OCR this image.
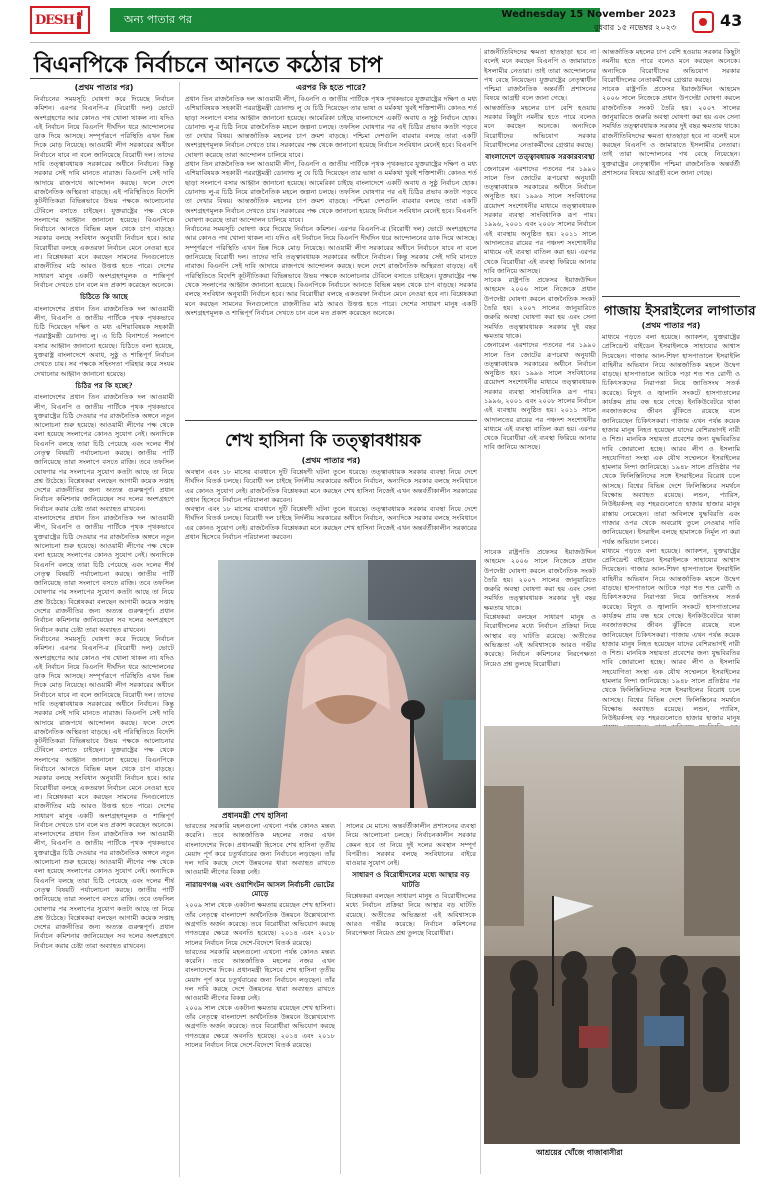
DESH	অন্য পাতার পর	Wednesday 15 November 2023
বুধবার ১৫ নভেম্বর ২০২৩	43
বিএনপিকে নির্বাচনে আনতে কঠোর চাপ
(প্রথম পাতার পর)

নির্বাচনের সময়সূচি ঘোষণা করে দিয়েছে নির্বাচন কমিশন। এরপর বিএনপি-র (বিরোধী দল) ভোটে অংশগ্রহণের আর কোনও পথ খোলা থাকল না। যদিও এই নির্বাচন নিয়ে বিএনপি দীর্ঘদিন ধরে আন্দোলনের ডাক দিয়ে আসছে। সম্পূর্ণরূপে পরিস্থিতি এখন ভিন্ন দিকে মোড় নিয়েছে। আওয়ামী লীগ সরকারের অধীনে নির্বাচনে যাবে না বলে জানিয়েছে বিরোধী দল। তাদের দাবি তত্ত্বাবধায়ক সরকারের অধীনে নির্বাচন। কিন্তু সরকার সেই দাবি মানতে নারাজ। বিএনপি সেই দাবি আদায়ে রাজপথে আন্দোলন করছে। ফলে দেশে রাজনৈতিক অস্থিরতা বাড়ছে। এই পরিস্থিতিতে বিদেশি কূটনীতিকরা বিভিন্নভাবে উভয় পক্ষকে আলোচনার টেবিলে বসাতে চাইছেন। যুক্তরাষ্ট্রের পক্ষ থেকে সংলাপের আহ্বান জানানো হয়েছে। বিএনপিকে নির্বাচনে আনতে বিভিন্ন মহল থেকে চাপ বাড়ছে। সরকার বলছে সংবিধান অনুযায়ী নির্বাচন হবে। আর বিরোধীরা বলছে একতরফা নির্বাচন মেনে নেওয়া হবে না। বিশ্লেষকরা মনে করছেন সামনের দিনগুলোতে রাজনীতির মাঠ আরও উত্তপ্ত হতে পারে। দেশের সাধারণ মানুষ একটি অংশগ্রহণমূলক ও শান্তিপূর্ণ নির্বাচন দেখতে চান বলে মত প্রকাশ করেছেন অনেকে।

চিঠিতে কি আছে

বাংলাদেশের প্রধান তিন রাজনৈতিক দল আওয়ামী লীগ, বিএনপি ও জাতীয় পার্টিকে পৃথক পৃথকভাবে চিঠি দিয়েছেন দক্ষিণ ও মধ্য এশিয়াবিষয়ক সহকারী পররাষ্ট্রমন্ত্রী ডোনাল্ড লু। এ চিঠি বিনাশর্তে সংলাপে বসার আহ্বান জানানো হয়েছে। চিঠিতে বলা হয়েছে, যুক্তরাষ্ট্র বাংলাদেশে অবাধ, সুষ্ঠু ও শান্তিপূর্ণ নির্বাচন দেখতে চায়। সব পক্ষকে সহিংসতা পরিহার করে সংযম দেখানোর আহ্বান জানানো হয়েছে।

চিঠির পর কি হচ্ছে?

বাংলাদেশের প্রধান তিন রাজনৈতিক দল আওয়ামী লীগ, বিএনপি ও জাতীয় পার্টিকে পৃথক পৃথকভাবে যুক্তরাষ্ট্রের চিঠি দেওয়ার পর রাজনৈতিক অঙ্গনে নতুন আলোচনা শুরু হয়েছে। আওয়ামী লীগের পক্ষ থেকে বলা হয়েছে সংলাপের কোনও সুযোগ নেই। অন্যদিকে বিএনপি বলছে তারা চিঠি পেয়েছে এবং দলের শীর্ষ নেতৃত্ব বিষয়টি পর্যালোচনা করছে। জাতীয় পার্টি জানিয়েছে তারা সংলাপে বসতে রাজি। তবে তফসিল ঘোষণার পর সংলাপের সুযোগ কতটা আছে তা নিয়ে প্রশ্ন উঠেছে। বিশ্লেষকরা বলছেন আগামী কয়েক সপ্তাহ দেশের রাজনীতির জন্য অত্যন্ত গুরুত্বপূর্ণ। প্রধান নির্বাচন কমিশনার জানিয়েছেন সব দলের অংশগ্রহণে নির্বাচন করার চেষ্টা তারা অব্যাহত রাখবেন।

বাংলাদেশের প্রধান তিন রাজনৈতিক দল আওয়ামী লীগ, বিএনপি ও জাতীয় পার্টিকে পৃথক পৃথকভাবে যুক্তরাষ্ট্রের চিঠি দেওয়ার পর রাজনৈতিক অঙ্গনে নতুন আলোচনা শুরু হয়েছে। আওয়ামী লীগের পক্ষ থেকে বলা হয়েছে সংলাপের কোনও সুযোগ নেই। অন্যদিকে বিএনপি বলছে তারা চিঠি পেয়েছে এবং দলের শীর্ষ নেতৃত্ব বিষয়টি পর্যালোচনা করছে। জাতীয় পার্টি জানিয়েছে তারা সংলাপে বসতে রাজি। তবে তফসিল ঘোষণার পর সংলাপের সুযোগ কতটা আছে তা নিয়ে প্রশ্ন উঠেছে। বিশ্লেষকরা বলছেন আগামী কয়েক সপ্তাহ দেশের রাজনীতির জন্য অত্যন্ত গুরুত্বপূর্ণ। প্রধান নির্বাচন কমিশনার জানিয়েছেন সব দলের অংশগ্রহণে নির্বাচন করার চেষ্টা তারা অব্যাহত রাখবেন।

নির্বাচনের সময়সূচি ঘোষণা করে দিয়েছে নির্বাচন কমিশন। এরপর বিএনপি-র (বিরোধী দল) ভোটে অংশগ্রহণের আর কোনও পথ খোলা থাকল না। যদিও এই নির্বাচন নিয়ে বিএনপি দীর্ঘদিন ধরে আন্দোলনের ডাক দিয়ে আসছে। সম্পূর্ণরূপে পরিস্থিতি এখন ভিন্ন দিকে মোড় নিয়েছে। আওয়ামী লীগ সরকারের অধীনে নির্বাচনে যাবে না বলে জানিয়েছে বিরোধী দল। তাদের দাবি তত্ত্বাবধায়ক সরকারের অধীনে নির্বাচন। কিন্তু সরকার সেই দাবি মানতে নারাজ। বিএনপি সেই দাবি আদায়ে রাজপথে আন্দোলন করছে। ফলে দেশে রাজনৈতিক অস্থিরতা বাড়ছে। এই পরিস্থিতিতে বিদেশি কূটনীতিকরা বিভিন্নভাবে উভয় পক্ষকে আলোচনার টেবিলে বসাতে চাইছেন। যুক্তরাষ্ট্রের পক্ষ থেকে সংলাপের আহ্বান জানানো হয়েছে। বিএনপিকে নির্বাচনে আনতে বিভিন্ন মহল থেকে চাপ বাড়ছে। সরকার বলছে সংবিধান অনুযায়ী নির্বাচন হবে। আর বিরোধীরা বলছে একতরফা নির্বাচন মেনে নেওয়া হবে না। বিশ্লেষকরা মনে করছেন সামনের দিনগুলোতে রাজনীতির মাঠ আরও উত্তপ্ত হতে পারে। দেশের সাধারণ মানুষ একটি অংশগ্রহণমূলক ও শান্তিপূর্ণ নির্বাচন দেখতে চান বলে মত প্রকাশ করেছেন অনেকে।

বাংলাদেশের প্রধান তিন রাজনৈতিক দল আওয়ামী লীগ, বিএনপি ও জাতীয় পার্টিকে পৃথক পৃথকভাবে যুক্তরাষ্ট্রের চিঠি দেওয়ার পর রাজনৈতিক অঙ্গনে নতুন আলোচনা শুরু হয়েছে। আওয়ামী লীগের পক্ষ থেকে বলা হয়েছে সংলাপের কোনও সুযোগ নেই। অন্যদিকে বিএনপি বলছে তারা চিঠি পেয়েছে এবং দলের শীর্ষ নেতৃত্ব বিষয়টি পর্যালোচনা করছে। জাতীয় পার্টি জানিয়েছে তারা সংলাপে বসতে রাজি। তবে তফসিল ঘোষণার পর সংলাপের সুযোগ কতটা আছে তা নিয়ে প্রশ্ন উঠেছে। বিশ্লেষকরা বলছেন আগামী কয়েক সপ্তাহ দেশের রাজনীতির জন্য অত্যন্ত গুরুত্বপূর্ণ। প্রধান নির্বাচন কমিশনার জানিয়েছেন সব দলের অংশগ্রহণে নির্বাচন করার চেষ্টা তারা অব্যাহত রাখবেন।

এরপর কি হতে পারে?

প্রধান তিন রাজনৈতিক দল আওয়ামী লীগ, বিএনপি ও জাতীয় পার্টিকে পৃথক পৃথকভাবে যুক্তরাষ্ট্রের দক্ষিণ ও মধ্য এশিয়াবিষয়ক সহকারী পররাষ্ট্রমন্ত্রী ডোনাল্ড লু যে চিঠি দিয়েছেন তার ভাষা ও মর্মকথা খুবই শক্তিশালী। কোনও শর্ত ছাড়া সংলাপে বসার আহ্বান জানানো হয়েছে। আমেরিকা চাইছে বাংলাদেশে একটি অবাধ ও সুষ্ঠু নির্বাচন হোক। ডোনাল্ড লু-র চিঠি নিয়ে রাজনৈতিক মহলে জল্পনা চলছে। তফসিল ঘোষণার পর এই চিঠির প্রভাব কতটা পড়বে তা দেখার বিষয়। আন্তর্জাতিক মহলের চাপ ক্রমশ বাড়ছে। পশ্চিমা দেশগুলি বারবার বলছে তারা একটি অংশগ্রহণমূলক নির্বাচন দেখতে চায়। সরকারের পক্ষ থেকে জানানো হয়েছে নির্বাচন সংবিধান মেনেই হবে। বিএনপি ঘোষণা করেছে তারা আন্দোলন চালিয়ে যাবে।

প্রধান তিন রাজনৈতিক দল আওয়ামী লীগ, বিএনপি ও জাতীয় পার্টিকে পৃথক পৃথকভাবে যুক্তরাষ্ট্রের দক্ষিণ ও মধ্য এশিয়াবিষয়ক সহকারী পররাষ্ট্রমন্ত্রী ডোনাল্ড লু যে চিঠি দিয়েছেন তার ভাষা ও মর্মকথা খুবই শক্তিশালী। কোনও শর্ত ছাড়া সংলাপে বসার আহ্বান জানানো হয়েছে। আমেরিকা চাইছে বাংলাদেশে একটি অবাধ ও সুষ্ঠু নির্বাচন হোক। ডোনাল্ড লু-র চিঠি নিয়ে রাজনৈতিক মহলে জল্পনা চলছে। তফসিল ঘোষণার পর এই চিঠির প্রভাব কতটা পড়বে তা দেখার বিষয়। আন্তর্জাতিক মহলের চাপ ক্রমশ বাড়ছে। পশ্চিমা দেশগুলি বারবার বলছে তারা একটি অংশগ্রহণমূলক নির্বাচন দেখতে চায়। সরকারের পক্ষ থেকে জানানো হয়েছে নির্বাচন সংবিধান মেনেই হবে। বিএনপি ঘোষণা করেছে তারা আন্দোলন চালিয়ে যাবে।

নির্বাচনের সময়সূচি ঘোষণা করে দিয়েছে নির্বাচন কমিশন। এরপর বিএনপি-র (বিরোধী দল) ভোটে অংশগ্রহণের আর কোনও পথ খোলা থাকল না। যদিও এই নির্বাচন নিয়ে বিএনপি দীর্ঘদিন ধরে আন্দোলনের ডাক দিয়ে আসছে। সম্পূর্ণরূপে পরিস্থিতি এখন ভিন্ন দিকে মোড় নিয়েছে। আওয়ামী লীগ সরকারের অধীনে নির্বাচনে যাবে না বলে জানিয়েছে বিরোধী দল। তাদের দাবি তত্ত্বাবধায়ক সরকারের অধীনে নির্বাচন। কিন্তু সরকার সেই দাবি মানতে নারাজ। বিএনপি সেই দাবি আদায়ে রাজপথে আন্দোলন করছে। ফলে দেশে রাজনৈতিক অস্থিরতা বাড়ছে। এই পরিস্থিতিতে বিদেশি কূটনীতিকরা বিভিন্নভাবে উভয় পক্ষকে আলোচনার টেবিলে বসাতে চাইছেন। যুক্তরাষ্ট্রের পক্ষ থেকে সংলাপের আহ্বান জানানো হয়েছে। বিএনপিকে নির্বাচনে আনতে বিভিন্ন মহল থেকে চাপ বাড়ছে। সরকার বলছে সংবিধান অনুযায়ী নির্বাচন হবে। আর বিরোধীরা বলছে একতরফা নির্বাচন মেনে নেওয়া হবে না। বিশ্লেষকরা মনে করছেন সামনের দিনগুলোতে রাজনীতির মাঠ আরও উত্তপ্ত হতে পারে। দেশের সাধারণ মানুষ একটি অংশগ্রহণমূলক ও শান্তিপূর্ণ নির্বাচন দেখতে চান বলে মত প্রকাশ করেছেন অনেকে।

শেখ হাসিনা কি তত্ত্বাবধায়ক
(প্রথম পাতার পর)

অবস্থান এবং ১৮ মাসের ব্যবধানে দুটি বিশ্লেষণী ঘটনা তুলে ধরেছে। তত্ত্বাবধায়ক সরকার ব্যবস্থা নিয়ে দেশে দীর্ঘদিন বিতর্ক চলছে। বিরোধী দল চাইছে নির্দলীয় সরকারের অধীনে নির্বাচন, অন্যদিকে সরকার বলছে সংবিধানে এর কোনও সুযোগ নেই। রাজনৈতিক বিশ্লেষকরা মনে করছেন শেখ হাসিনা নিজেই এখন অন্তর্বর্তীকালীন সরকারের প্রধান হিসেবে নির্বাচন পরিচালনা করবেন।

অবস্থান এবং ১৮ মাসের ব্যবধানে দুটি বিশ্লেষণী ঘটনা তুলে ধরেছে। তত্ত্বাবধায়ক সরকার ব্যবস্থা নিয়ে দেশে দীর্ঘদিন বিতর্ক চলছে। বিরোধী দল চাইছে নির্দলীয় সরকারের অধীনে নির্বাচন, অন্যদিকে সরকার বলছে সংবিধানে এর কোনও সুযোগ নেই। রাজনৈতিক বিশ্লেষকরা মনে করছেন শেখ হাসিনা নিজেই এখন অন্তর্বর্তীকালীন সরকারের প্রধান হিসেবে নির্বাচন পরিচালনা করবেন।

প্রধানমন্ত্রী শেখ হাসিনা

ভারতের সরকারি মহলগুলো এখনো পর্যন্ত কোনও মন্তব্য করেনি। তবে আন্তর্জাতিক মহলের নজর এখন বাংলাদেশের দিকে। প্রধানমন্ত্রী হিসেবে শেখ হাসিনা তৃতীয় মেয়াদ পূর্ণ করে চতুর্থবারের জন্য নির্বাচনে লড়ছেন। তাঁর দল দাবি করছে দেশে উন্নয়নের ধারা অব্যাহত রাখতে আওয়ামী লীগের বিকল্প নেই।

নারায়ণগঞ্জ এবং ওয়াশিংটন আসল নির্বাচনী ভোটের মোড়ে

২০০৯ সাল থেকে একটানা ক্ষমতায় রয়েছেন শেখ হাসিনা। তাঁর নেতৃত্বে বাংলাদেশ অর্থনৈতিক উন্নয়নে উল্লেখযোগ্য অগ্রগতি অর্জন করেছে। তবে বিরোধীরা অভিযোগ করছে গণতন্ত্রের ক্ষেত্রে অবনতি হয়েছে। ২০১৪ এবং ২০১৮ সালের নির্বাচন নিয়ে দেশে-বিদেশে বিতর্ক রয়েছে।

ভারতের সরকারি মহলগুলো এখনো পর্যন্ত কোনও মন্তব্য করেনি। তবে আন্তর্জাতিক মহলের নজর এখন বাংলাদেশের দিকে। প্রধানমন্ত্রী হিসেবে শেখ হাসিনা তৃতীয় মেয়াদ পূর্ণ করে চতুর্থবারের জন্য নির্বাচনে লড়ছেন। তাঁর দল দাবি করছে দেশে উন্নয়নের ধারা অব্যাহত রাখতে আওয়ামী লীগের বিকল্প নেই।

২০০৯ সাল থেকে একটানা ক্ষমতায় রয়েছেন শেখ হাসিনা। তাঁর নেতৃত্বে বাংলাদেশ অর্থনৈতিক উন্নয়নে উল্লেখযোগ্য অগ্রগতি অর্জন করেছে। তবে বিরোধীরা অভিযোগ করছে গণতন্ত্রের ক্ষেত্রে অবনতি হয়েছে। ২০১৪ এবং ২০১৮ সালের নির্বাচন নিয়ে দেশে-বিদেশে বিতর্ক রয়েছে।

সালের মে মাসে। অন্তর্বর্তীকালীন প্রশাসনের ব্যবস্থা নিয়ে আলোচনা চলছে। নির্বাচনকালীন সরকার কেমন হবে তা নিয়ে দুই দলের অবস্থান সম্পূর্ণ বিপরীত। সরকার বলছে সংবিধানের বাইরে যাওয়ার সুযোগ নেই।

সাধারণ ও বিরোধীদলের মধ্যে আস্থার বড় ঘাটতি

বিশ্লেষকরা বলছেন সাধারণ মানুষ ও বিরোধীদলের মধ্যে নির্বাচন প্রক্রিয়া নিয়ে আস্থার বড় ঘাটতি রয়েছে। অতীতের অভিজ্ঞতা এই অবিশ্বাসকে আরও গভীর করেছে। নির্বাচন কমিশনের নিরপেক্ষতা নিয়েও প্রশ্ন তুলছে বিরোধীরা।

রাজনীতিবিদদের ক্ষমতা হাতছাড়া হবে না বলেই মনে করছেন বিএনপি ও জামায়াতে ইসলামীর নেতারা। তাই তারা আন্দোলনের পথ বেছে নিয়েছেন। যুক্তরাষ্ট্রের নেতৃত্বাধীন পশ্চিমা রাজনৈতিক অন্তর্বর্তী প্রশাসনের বিষয়ে আগ্রহী বলে জানা গেছে।

আন্তর্জাতিক মহলের চাপ বেশি হওয়ায় সরকার কিছুটা নমনীয় হতে পারে বলেও মনে করছেন অনেকে। অন্যদিকে বিরোধীদের অভিযোগ সরকার বিরোধীদলের নেতাকর্মীদের গ্রেপ্তার করছে।

বাংলাদেশে তত্ত্বাবধায়ক সরকারব্যবস্থা

জেনারেল এরশাদের পতনের পর ১৯৯০ সালে তিন জোটের রূপরেখা অনুযায়ী তত্ত্বাবধায়ক সরকারের অধীনে নির্বাচন অনুষ্ঠিত হয়। ১৯৯৬ সালে সংবিধানের ত্রয়োদশ সংশোধনীর মাধ্যমে তত্ত্বাবধায়ক সরকার ব্যবস্থা সাংবিধানিক রূপ পায়। ১৯৯৬, ২০০১ এবং ২০০৮ সালের নির্বাচন এই ব্যবস্থায় অনুষ্ঠিত হয়। ২০১১ সালে আদালতের রায়ের পর পঞ্চদশ সংশোধনীর মাধ্যমে এই ব্যবস্থা বাতিল করা হয়। এরপর থেকে বিরোধীরা এই ব্যবস্থা ফিরিয়ে আনার দাবি জানিয়ে আসছে।

সাবেক রাষ্ট্রপতি প্রফেসর ইয়াজউদ্দিন আহমেদ ২০০৬ সালে নিজেকে প্রধান উপদেষ্টা ঘোষণা করলে রাজনৈতিক সংকট তৈরি হয়। ২০০৭ সালের জানুয়ারিতে জরুরি অবস্থা ঘোষণা করা হয় এবং সেনা সমর্থিত তত্ত্বাবধায়ক সরকার দুই বছর ক্ষমতায় থাকে।

জেনারেল এরশাদের পতনের পর ১৯৯০ সালে তিন জোটের রূপরেখা অনুযায়ী তত্ত্বাবধায়ক সরকারের অধীনে নির্বাচন অনুষ্ঠিত হয়। ১৯৯৬ সালে সংবিধানের ত্রয়োদশ সংশোধনীর মাধ্যমে তত্ত্বাবধায়ক সরকার ব্যবস্থা সাংবিধানিক রূপ পায়। ১৯৯৬, ২০০১ এবং ২০০৮ সালের নির্বাচন এই ব্যবস্থায় অনুষ্ঠিত হয়। ২০১১ সালে আদালতের রায়ের পর পঞ্চদশ সংশোধনীর মাধ্যমে এই ব্যবস্থা বাতিল করা হয়। এরপর থেকে বিরোধীরা এই ব্যবস্থা ফিরিয়ে আনার দাবি জানিয়ে আসছে।

আন্তর্জাতিক মহলের চাপ বেশি হওয়ায় সরকার কিছুটা নমনীয় হতে পারে বলেও মনে করছেন অনেকে। অন্যদিকে বিরোধীদের অভিযোগ সরকার বিরোধীদলের নেতাকর্মীদের গ্রেপ্তার করছে।

সাবেক রাষ্ট্রপতি প্রফেসর ইয়াজউদ্দিন আহমেদ ২০০৬ সালে নিজেকে প্রধান উপদেষ্টা ঘোষণা করলে রাজনৈতিক সংকট তৈরি হয়। ২০০৭ সালের জানুয়ারিতে জরুরি অবস্থা ঘোষণা করা হয় এবং সেনা সমর্থিত তত্ত্বাবধায়ক সরকার দুই বছর ক্ষমতায় থাকে।

রাজনীতিবিদদের ক্ষমতা হাতছাড়া হবে না বলেই মনে করছেন বিএনপি ও জামায়াতে ইসলামীর নেতারা। তাই তারা আন্দোলনের পথ বেছে নিয়েছেন। যুক্তরাষ্ট্রের নেতৃত্বাধীন পশ্চিমা রাজনৈতিক অন্তর্বর্তী প্রশাসনের বিষয়ে আগ্রহী বলে জানা গেছে।

গাজায় ইসরাইলের লাগাতার
(প্রথম পাতার পর)

মাধ্যমে পড়তে বলা হয়েছে। অ্যাকশন, যুক্তরাষ্ট্রের প্রেসিডেন্ট বাইডেন ইসরাইলকে সাহায্যের আশ্বাস দিয়েছেন। গাজার আল-শিফা হাসপাতালে ইসরাইলি বাহিনীর অভিযান নিয়ে আন্তর্জাতিক মহলে উদ্বেগ বাড়ছে। হাসপাতালে আটকে পড়া শত শত রোগী ও চিকিৎসকদের নিরাপত্তা নিয়ে জাতিসংঘ সতর্ক করেছে। বিদ্যুৎ ও জ্বালানি সংকটে হাসপাতালের কার্যক্রম প্রায় বন্ধ হয়ে গেছে। ইনকিউবেটরে থাকা নবজাতকদের জীবন ঝুঁকিতে রয়েছে বলে জানিয়েছেন চিকিৎসকরা। গাজায় এখন পর্যন্ত কয়েক হাজার মানুষ নিহত হয়েছেন যাদের বেশিরভাগই নারী ও শিশু। মানবিক সহায়তা প্রবেশের জন্য যুদ্ধবিরতির দাবি জোরালো হচ্ছে। আরব লীগ ও ইসলামি সহযোগিতা সংস্থা এক যৌথ সম্মেলনে ইসরাইলের হামলার নিন্দা জানিয়েছে। ১৯৪৮ সালে প্রতিষ্ঠার পর থেকে ফিলিস্তিনিদের সঙ্গে ইসরাইলের বিরোধ চলে আসছে। বিশ্বের বিভিন্ন দেশে ফিলিস্তিনের সমর্থনে বিক্ষোভ অব্যাহত রয়েছে। লন্ডন, প্যারিস, নিউইয়র্কসহ বড় শহরগুলোতে হাজার হাজার মানুষ রাস্তায় নেমেছেন। তারা অবিলম্বে যুদ্ধবিরতি এবং গাজার ওপর থেকে অবরোধ তুলে নেওয়ার দাবি জানিয়েছেন। ইসরাইল বলছে হামাসকে নির্মূল না করা পর্যন্ত অভিযান চলবে।

মাধ্যমে পড়তে বলা হয়েছে। অ্যাকশন, যুক্তরাষ্ট্রের প্রেসিডেন্ট বাইডেন ইসরাইলকে সাহায্যের আশ্বাস দিয়েছেন। গাজার আল-শিফা হাসপাতালে ইসরাইলি বাহিনীর অভিযান নিয়ে আন্তর্জাতিক মহলে উদ্বেগ বাড়ছে। হাসপাতালে আটকে পড়া শত শত রোগী ও চিকিৎসকদের নিরাপত্তা নিয়ে জাতিসংঘ সতর্ক করেছে। বিদ্যুৎ ও জ্বালানি সংকটে হাসপাতালের কার্যক্রম প্রায় বন্ধ হয়ে গেছে। ইনকিউবেটরে থাকা নবজাতকদের জীবন ঝুঁকিতে রয়েছে বলে জানিয়েছেন চিকিৎসকরা। গাজায় এখন পর্যন্ত কয়েক হাজার মানুষ নিহত হয়েছেন যাদের বেশিরভাগই নারী ও শিশু। মানবিক সহায়তা প্রবেশের জন্য যুদ্ধবিরতির দাবি জোরালো হচ্ছে। আরব লীগ ও ইসলামি সহযোগিতা সংস্থা এক যৌথ সম্মেলনে ইসরাইলের হামলার নিন্দা জানিয়েছে। ১৯৪৮ সালে প্রতিষ্ঠার পর থেকে ফিলিস্তিনিদের সঙ্গে ইসরাইলের বিরোধ চলে আসছে। বিশ্বের বিভিন্ন দেশে ফিলিস্তিনের সমর্থনে বিক্ষোভ অব্যাহত রয়েছে। লন্ডন, প্যারিস, নিউইয়র্কসহ বড় শহরগুলোতে হাজার হাজার মানুষ

সাবেক রাষ্ট্রপতি প্রফেসর ইয়াজউদ্দিন আহমেদ ২০০৬ সালে নিজেকে প্রধান উপদেষ্টা ঘোষণা করলে রাজনৈতিক সংকট তৈরি হয়। ২০০৭ সালের জানুয়ারিতে জরুরি অবস্থা ঘোষণা করা হয় এবং সেনা সমর্থিত তত্ত্বাবধায়ক সরকার দুই বছর ক্ষমতায় থাকে।

বিশ্লেষকরা বলছেন সাধারণ মানুষ ও বিরোধীদলের মধ্যে নির্বাচন প্রক্রিয়া নিয়ে আস্থার বড় ঘাটতি রয়েছে। অতীতের অভিজ্ঞতা এই অবিশ্বাসকে আরও গভীর করেছে। নির্বাচন কমিশনের নিরপেক্ষতা নিয়েও প্রশ্ন তুলছে বিরোধীরা।

আশ্রয়ের খোঁজে গাজাবাসীরা
